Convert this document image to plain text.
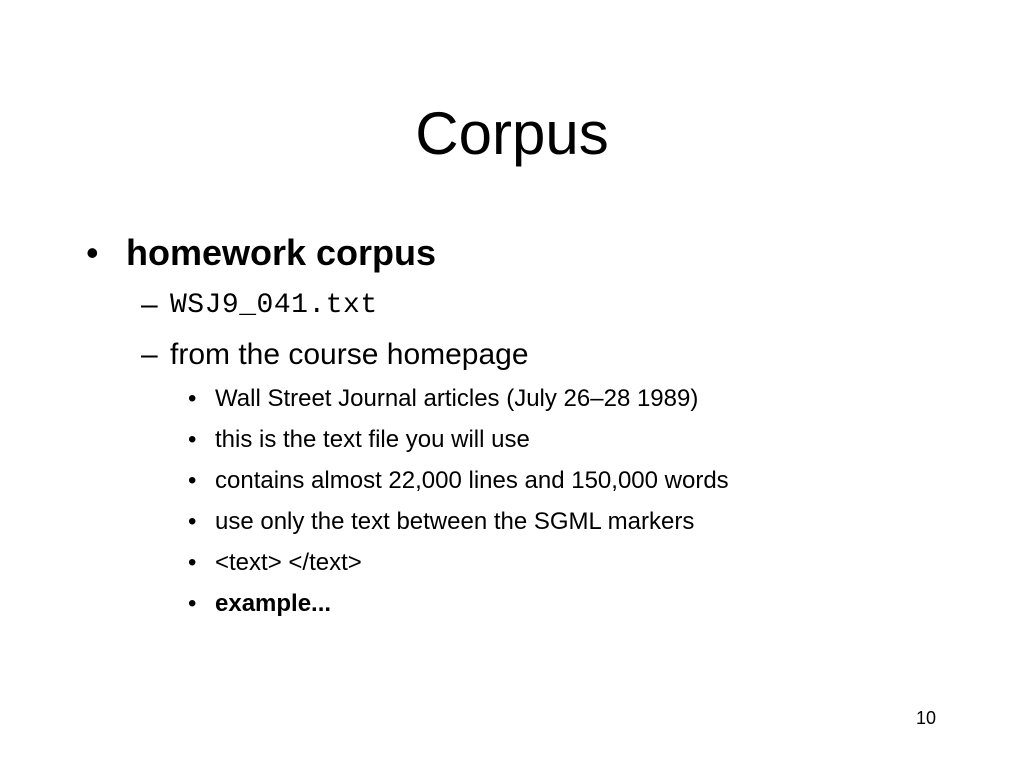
Corpus
• homework corpus
– WSJ9_041.txt
– from the course homepage
• Wall Street Journal articles (July 26–28 1989)
• this is the text file you will use
• contains almost 22,000 lines and 150,000 words
• use only the text between the SGML markers
• <text> </text>
• example...
10
